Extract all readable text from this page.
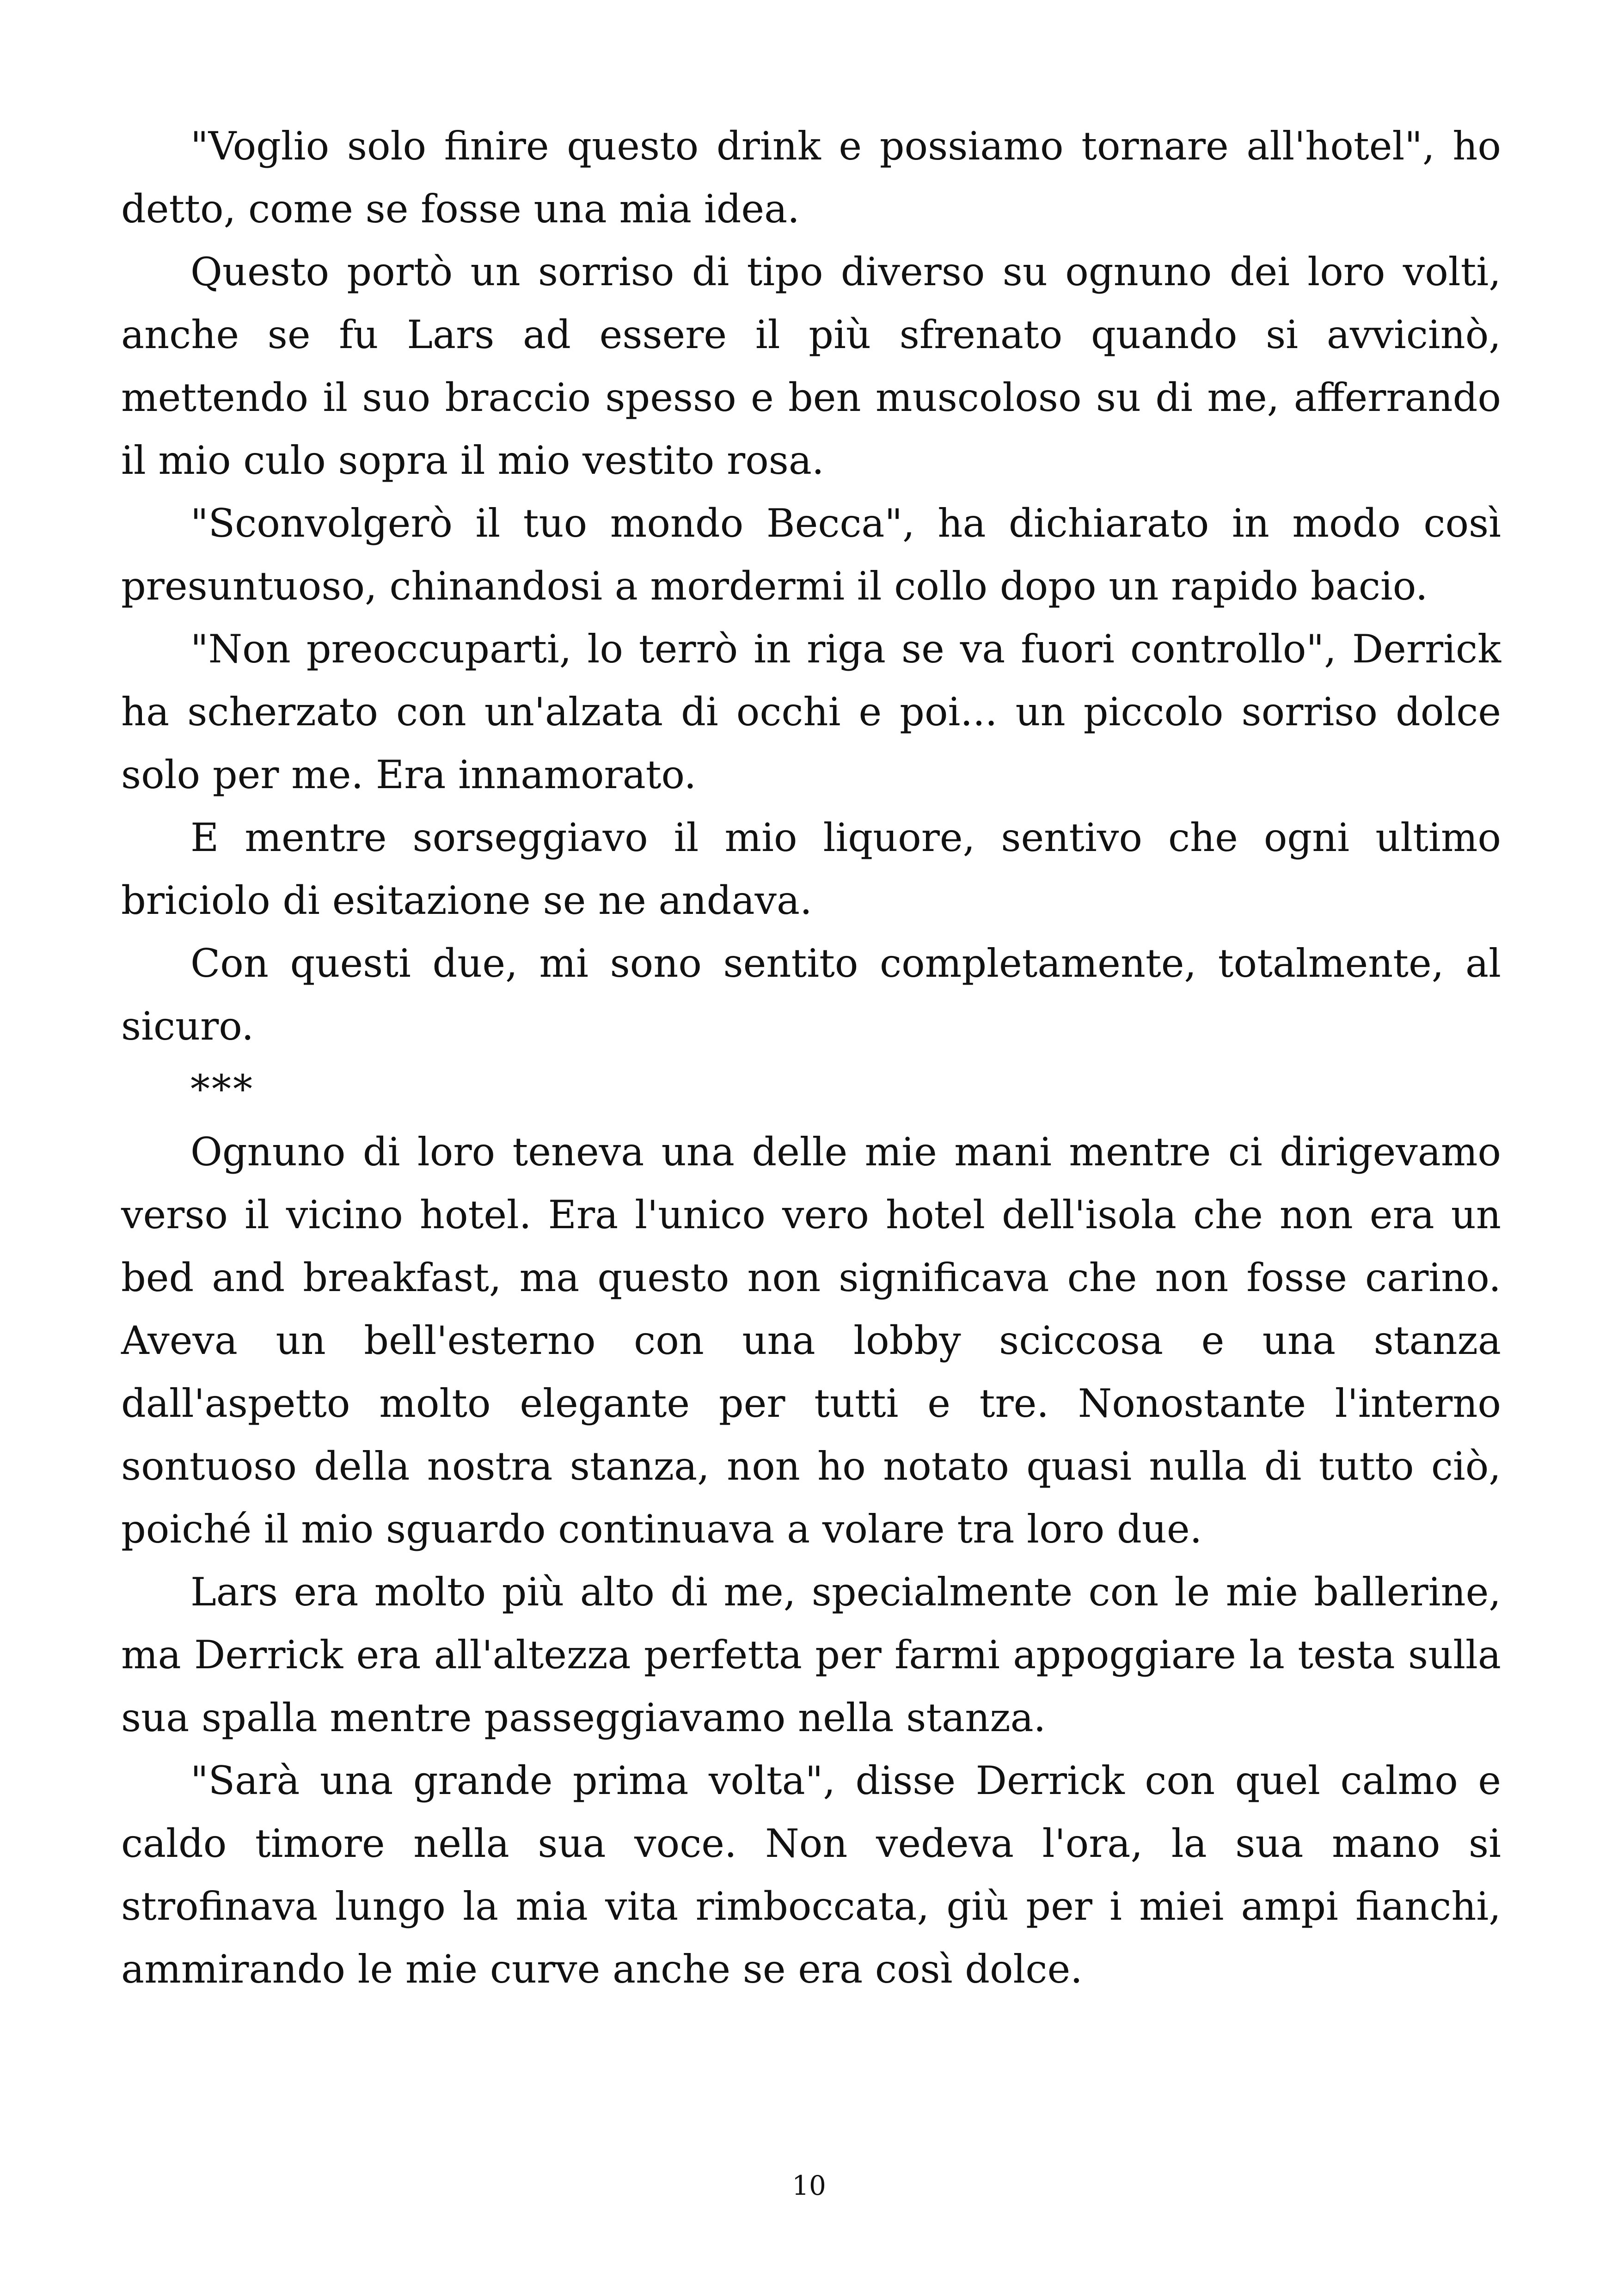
"Voglio solo finire questo drink e possiamo tornare all'hotel", ho detto, come se fosse una mia idea.

Questo portò un sorriso di tipo diverso su ognuno dei loro volti, anche se fu Lars ad essere il più sfrenato quando si avvicinò, mettendo il suo braccio spesso e ben muscoloso su di me, afferrando il mio culo sopra il mio vestito rosa.

"Sconvolgerò il tuo mondo Becca", ha dichiarato in modo così presuntuoso, chinandosi a mordermi il collo dopo un rapido bacio.

"Non preoccuparti, lo terrò in riga se va fuori controllo", Derrick ha scherzato con un'alzata di occhi e poi... un piccolo sorriso dolce solo per me. Era innamorato.

E mentre sorseggiavo il mio liquore, sentivo che ogni ultimo briciolo di esitazione se ne andava.

Con questi due, mi sono sentito completamente, totalmente, al sicuro.

***

Ognuno di loro teneva una delle mie mani mentre ci dirigevamo verso il vicino hotel. Era l'unico vero hotel dell'isola che non era un bed and breakfast, ma questo non significava che non fosse carino. Aveva un bell'esterno con una lobby sciccosa e una stanza dall'aspetto molto elegante per tutti e tre. Nonostante l'interno sontuoso della nostra stanza, non ho notato quasi nulla di tutto ciò, poiché il mio sguardo continuava a volare tra loro due.

Lars era molto più alto di me, specialmente con le mie ballerine, ma Derrick era all'altezza perfetta per farmi appoggiare la testa sulla sua spalla mentre passeggiavamo nella stanza.

"Sarà una grande prima volta", disse Derrick con quel calmo e caldo timore nella sua voce. Non vedeva l'ora, la sua mano si strofinava lungo la mia vita rimboccata, giù per i miei ampi fianchi, ammirando le mie curve anche se era così dolce.

10
